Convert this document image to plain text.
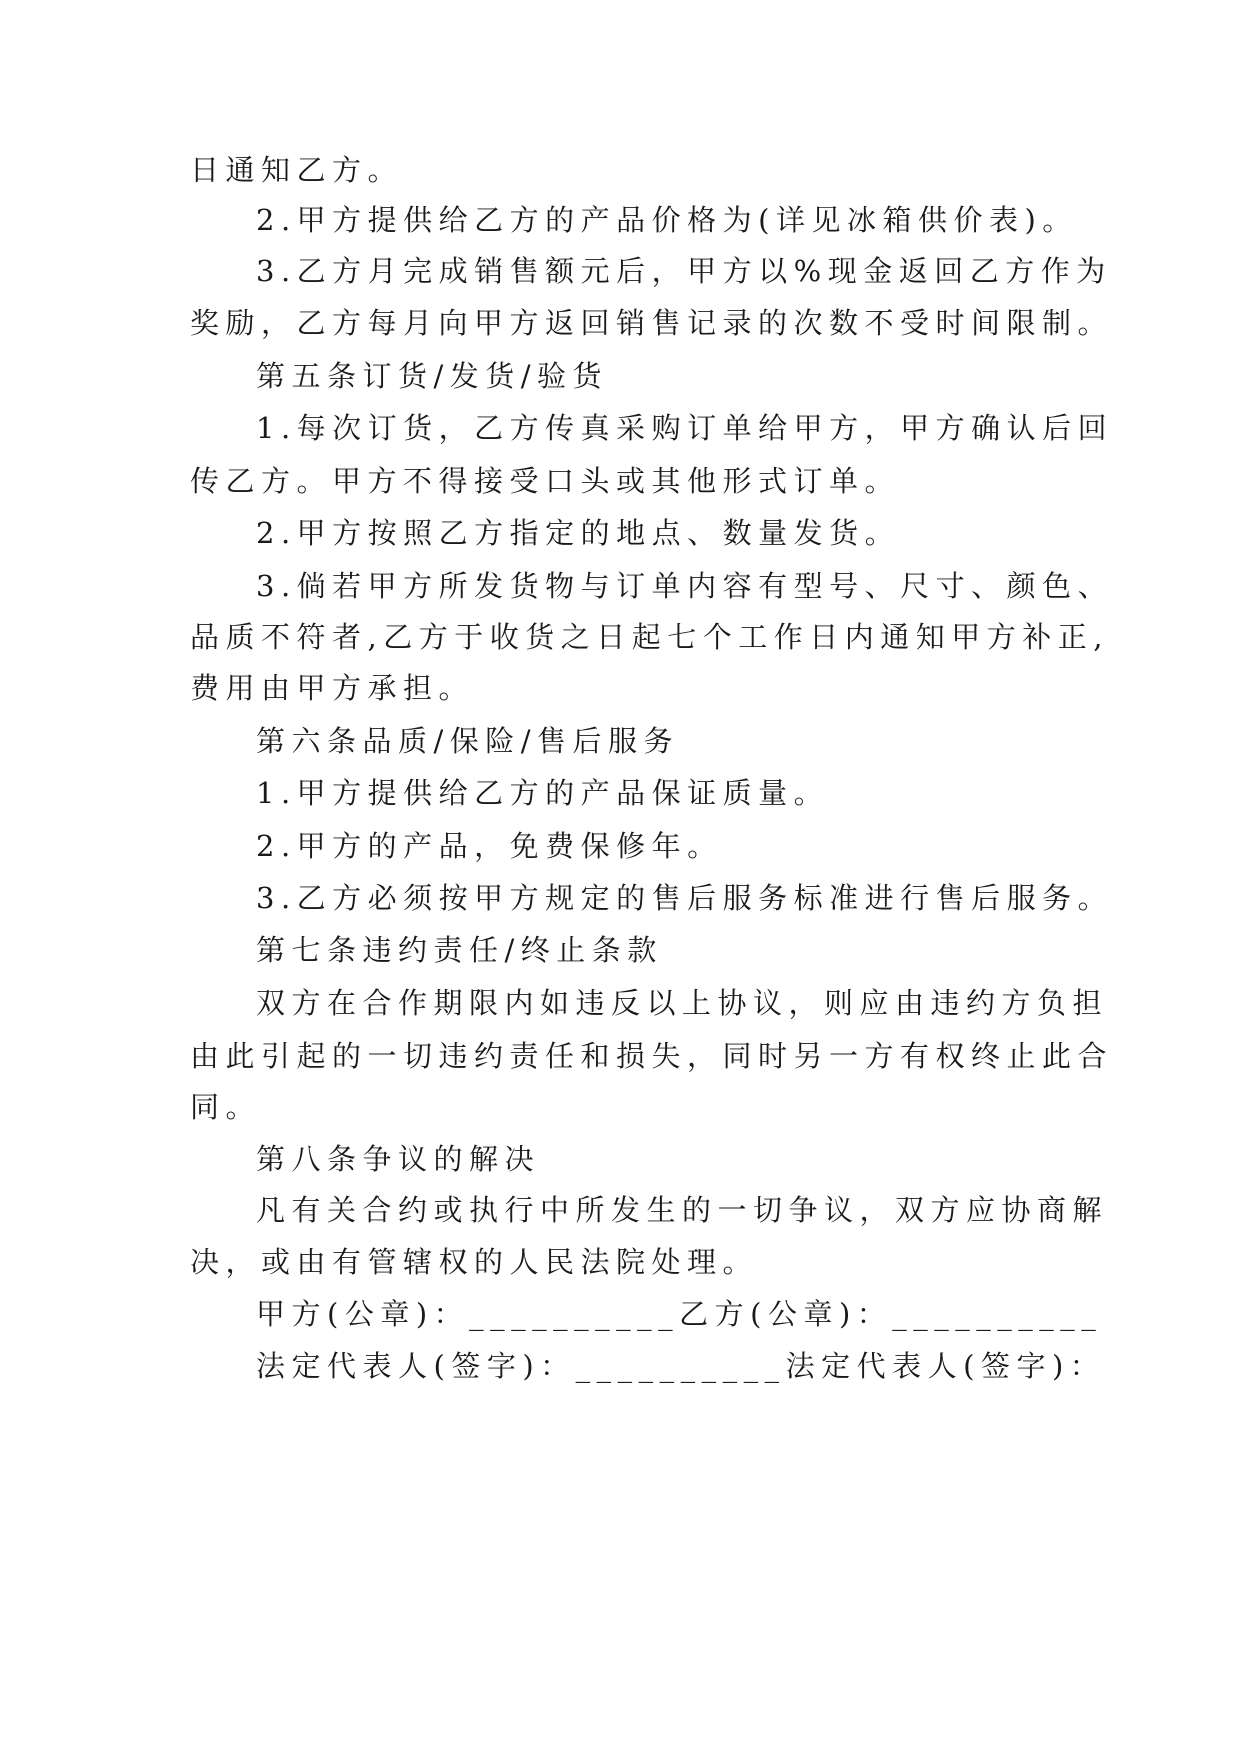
日通知乙方。
2.甲方提供给乙方的产品价格为(详见冰箱供价表)。
3.乙方月完成销售额元后，甲方以%现金返回乙方作为
奖励，乙方每月向甲方返回销售记录的次数不受时间限制。
第五条订货/发货/验货
1.每次订货，乙方传真采购订单给甲方，甲方确认后回
传乙方。甲方不得接受口头或其他形式订单。
2.甲方按照乙方指定的地点、数量发货。
3.倘若甲方所发货物与订单内容有型号、尺寸、颜色、
品质不符者,乙方于收货之日起七个工作日内通知甲方补正,
费用由甲方承担。
第六条品质/保险/售后服务
1.甲方提供给乙方的产品保证质量。
2.甲方的产品，免费保修年。
3.乙方必须按甲方规定的售后服务标准进行售后服务。
第七条违约责任/终止条款
双方在合作期限内如违反以上协议，则应由违约方负担
由此引起的一切违约责任和损失，同时另一方有权终止此合
同。
第八条争议的解决
凡有关合约或执行中所发生的一切争议，双方应协商解
决，或由有管辖权的人民法院处理。
甲方(公章)：__________乙方(公章)：__________
法定代表人(签字)：__________法定代表人(签字)：
